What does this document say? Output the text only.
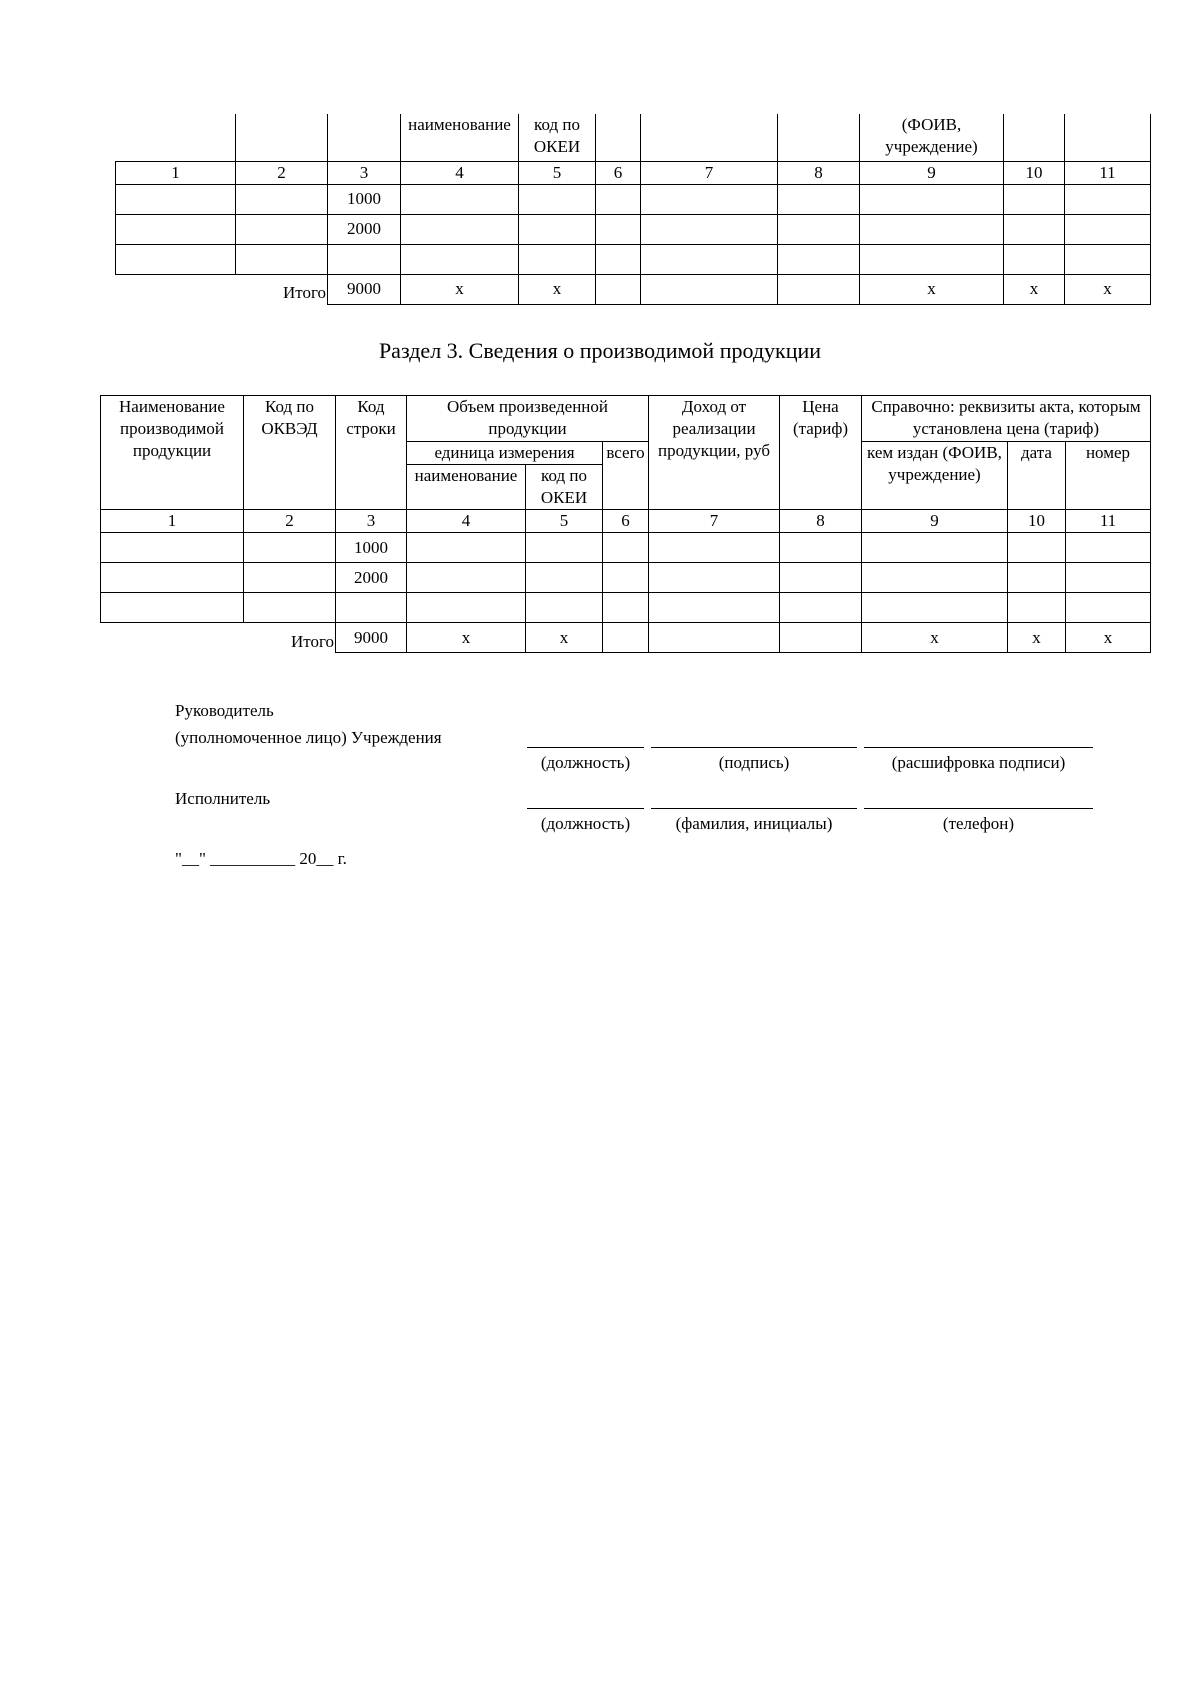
			наименование	код по ОКЕИ				(ФОИВ, учреждение)		
1	2	3	4	5	6	7	8	9	10	11
		1000								
		2000								

Итого		9000	x	x				x	x	x
Раздел 3. Сведения о производимой продукции
Наименование производимой продукции	Код по ОКВЭД	Код строки	Объем произведенной продукции			Доход от реализации продукции, руб	Цена (тариф)	Справочно: реквизиты акта, которым установлена цена (тариф)		
			единица измерения		всего			кем издан (ФОИВ, учреждение)	дата	номер
			наименование	код по ОКЕИ						
1	2	3	4	5	6	7	8	9	10	11
		1000								
		2000								

Итого		9000	x	x				x	x	x
Руководитель
(уполномоченное лицо) Учреждения
(должность)	(подпись)	(расшифровка подписи)
Исполнитель
(должность)	(фамилия, инициалы)	(телефон)
"__" __________ 20__ г.
